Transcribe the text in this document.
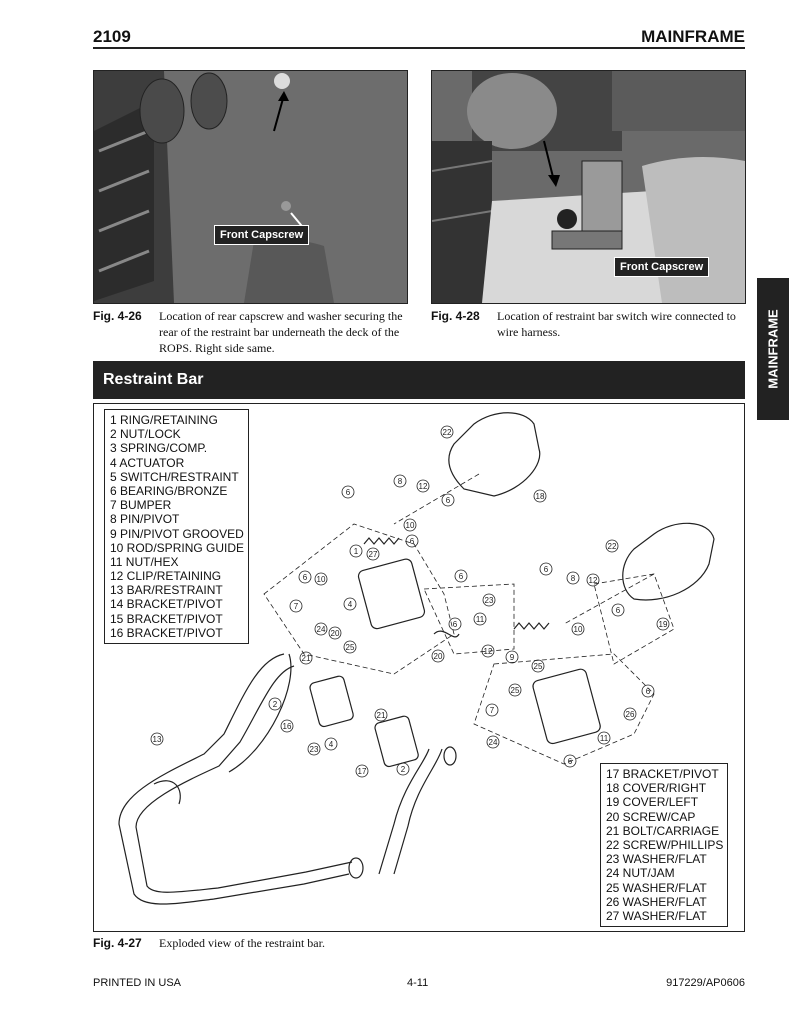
2109	MAINFRAME
Front Capscrew
Front Capscrew
Fig. 4-26 Location of rear capscrew and washer securing the rear of the restraint bar underneath the deck of the ROPS. Right side same.
Fig. 4-28 Location of restraint bar switch wire connected to wire harness.	MAINFRAME
Restraint Bar
22
18
8
6
12
6
10
27
6
1
6 10
7	4
24 20
25
6
23
11
6
20
22
19
6
8 12
6
10
12
9
25
21
2
16
4
23
13
21
17	2
7
25
24
26
11
6
6
1 RING/RETAINING
2 NUT/LOCK
3 SPRING/COMP.
4 ACTUATOR
5 SWITCH/RESTRAINT
6 BEARING/BRONZE
7 BUMPER
8 PIN/PIVOT
9 PIN/PIVOT GROOVED
10 ROD/SPRING GUIDE
11 NUT/HEX
12 CLIP/RETAINING
13 BAR/RESTRAINT
14 BRACKET/PIVOT
15 BRACKET/PIVOT
16 BRACKET/PIVOT
17 BRACKET/PIVOT
18 COVER/RIGHT
19 COVER/LEFT
20 SCREW/CAP
21 BOLT/CARRIAGE
22 SCREW/PHILLIPS
23 WASHER/FLAT
24 NUT/JAM
25 WASHER/FLAT
26 WASHER/FLAT
27 WASHER/FLAT
Fig. 4-27 Exploded view of the restraint bar.
PRINTED IN USA	4-11	917229/AP0606
